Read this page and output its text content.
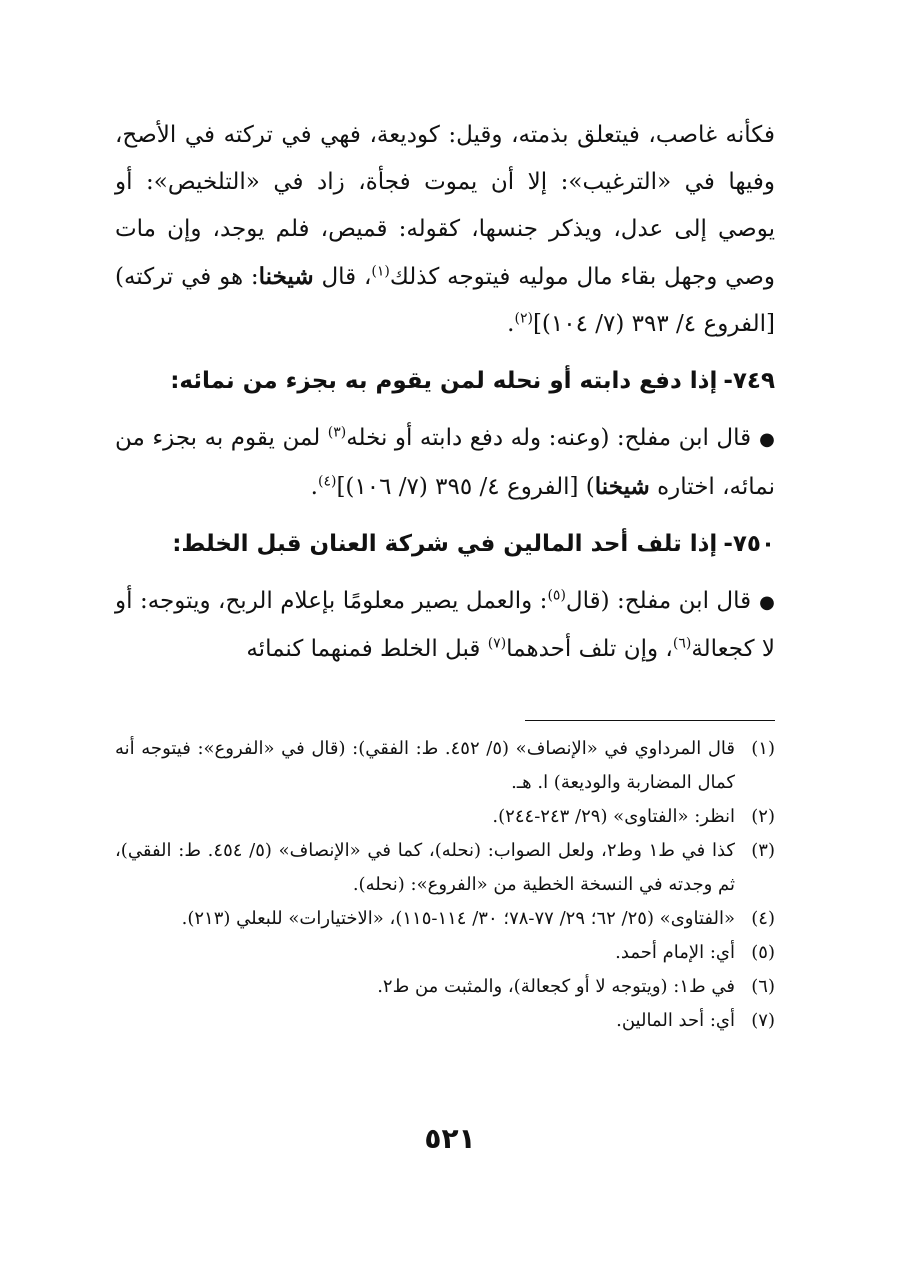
فكأنه غاصب، فيتعلق بذمته، وقيل: كوديعة، فهي في تركته في الأصح، وفيها في «الترغيب»: إلا أن يموت فجأة، زاد في «التلخيص»: أو يوصي إلى عدل، ويذكر جنسها، كقوله: قميص، فلم يوجد، وإن مات وصي وجهل بقاء مال موليه فيتوجه كذلك$^{(١)}$، قال شيخنا: هو في تركته) [الفروع ٤/ ٣٩٣ (٧/ ١٠٤)]$^{(٢)}$.

٧٤٩-إذا دفع دابته أو نحله لمن يقوم به بجزء من نمائه:

●قال ابن مفلح: (وعنه: وله دفع دابته أو نخله$^{(٣)}$ لمن يقوم به بجزء من نمائه، اختاره شيخنا) [الفروع ٤/ ٣٩٥ (٧/ ١٠٦)]$^{(٤)}$.

٧٥٠-إذا تلف أحد المالين في شركة العنان قبل الخلط:

●قال ابن مفلح: (قال$^{(٥)}$: والعمل يصير معلومًا بإعلام الربح، ويتوجه: أو لا كجعالة$^{(٦)}$، وإن تلف أحدهما$^{(٧)}$ قبل الخلط فمنهما كنمائه

(١)
قال المرداوي في «الإنصاف» (٥/ ٤٥٢. ط: الفقي): (قال في «الفروع»: فيتوجه أنه كمال المضاربة والوديعة) ا. هـ.
(٢)
انظر: «الفتاوى» (٢٩/ ٢٤٣-٢٤٤).
(٣)
كذا في ط١ وط٢، ولعل الصواب: (نحله)، كما في «الإنصاف» (٥/ ٤٥٤. ط: الفقي)، ثم وجدته في النسخة الخطية من «الفروع»: (نحله).
(٤)
«الفتاوى» (٢٥/ ٦٢؛ ٢٩/ ٧٧-٧٨؛ ٣٠/ ١١٤-١١٥)، «الاختيارات» للبعلي (٢١٣).
(٥)
أي: الإمام أحمد.
(٦)
في ط١: (ويتوجه لا أو كجعالة)، والمثبت من ط٢.
(٧)
أي: أحد المالين.
٥٢١
